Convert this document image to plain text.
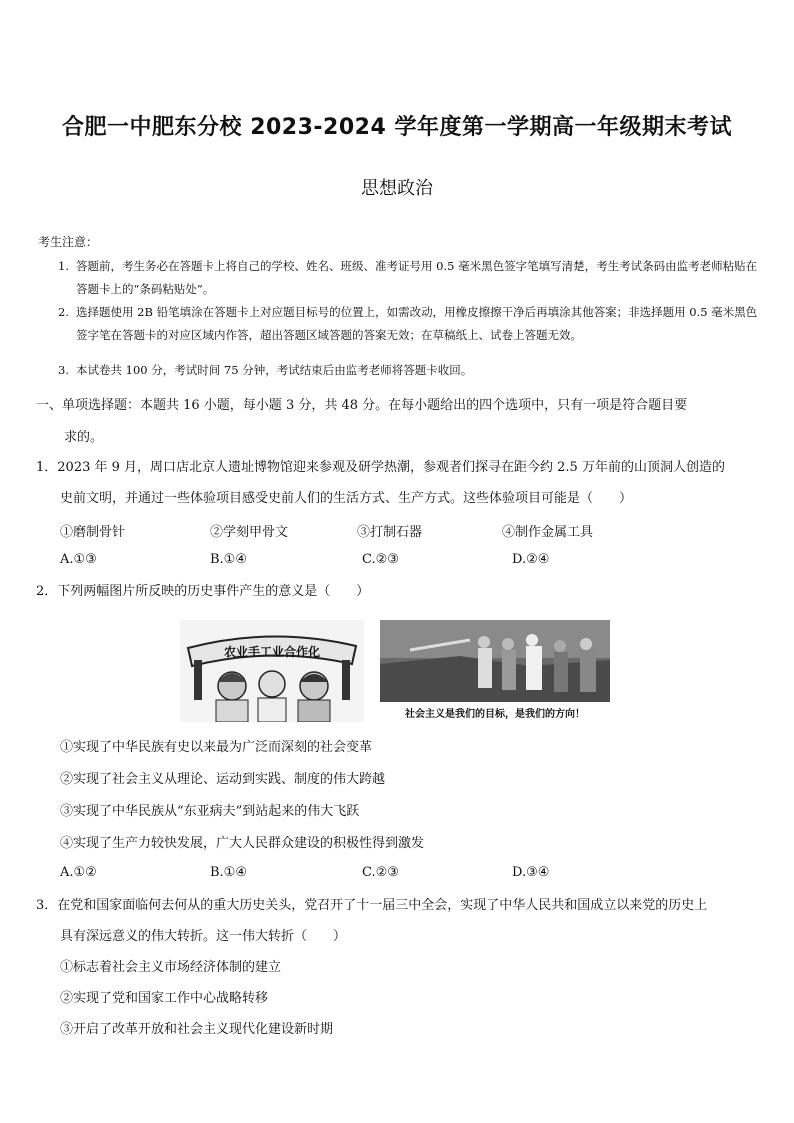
合肥一中肥东分校 2023-2024 学年度第一学期高一年级期末考试
思想政治
考生注意：
1. 答题前，考生务必在答题卡上将自己的学校、姓名、班级、准考证号用 0.5 毫米黑色签字笔填写清楚，考生考试条码由监考老师粘贴在答题卡上的“条码粘贴处”。
2. 选择题使用 2B 铅笔填涂在答题卡上对应题目标号的位置上，如需改动，用橡皮擦擦干净后再填涂其他答案；非选择题用 0.5 毫米黑色签字笔在答题卡的对应区域内作答，超出答题区域答题的答案无效；在草稿纸上、试卷上答题无效。
3. 本试卷共 100 分，考试时间 75 分钟，考试结束后由监考老师将答题卡收回。
一、单项选择题：本题共 16 小题，每小题 3 分，共 48 分。在每小题给出的四个选项中，只有一项是符合题目要
求的。
1．2023 年 9 月，周口店北京人遗址博物馆迎来参观及研学热潮，参观者们探寻在距今约 2.5 万年前的山顶洞人创造的
史前文明，并通过一些体验项目感受史前人们的生活方式、生产方式。这些体验项目可能是（　　）
①磨制骨针	②学刻甲骨文	③打制石器	④制作金属工具
A.①③	B.①④	C.②③	D.②④
2．下列两幅图片所反映的历史事件产生的意义是（　　）
农业手工业合作化
社会主义是我们的目标，是我们的方向！
①实现了中华民族有史以来最为广泛而深刻的社会变革
②实现了社会主义从理论、运动到实践、制度的伟大跨越
③实现了中华民族从“东亚病夫”到站起来的伟大飞跃
④实现了生产力较快发展，广大人民群众建设的积极性得到激发
A.①②	B.①④	C.②③	D.③④
3．在党和国家面临何去何从的重大历史关头，党召开了十一届三中全会，实现了中华人民共和国成立以来党的历史上
具有深远意义的伟大转折。这一伟大转折（　　）
①标志着社会主义市场经济体制的建立
②实现了党和国家工作中心战略转移
③开启了改革开放和社会主义现代化建设新时期
